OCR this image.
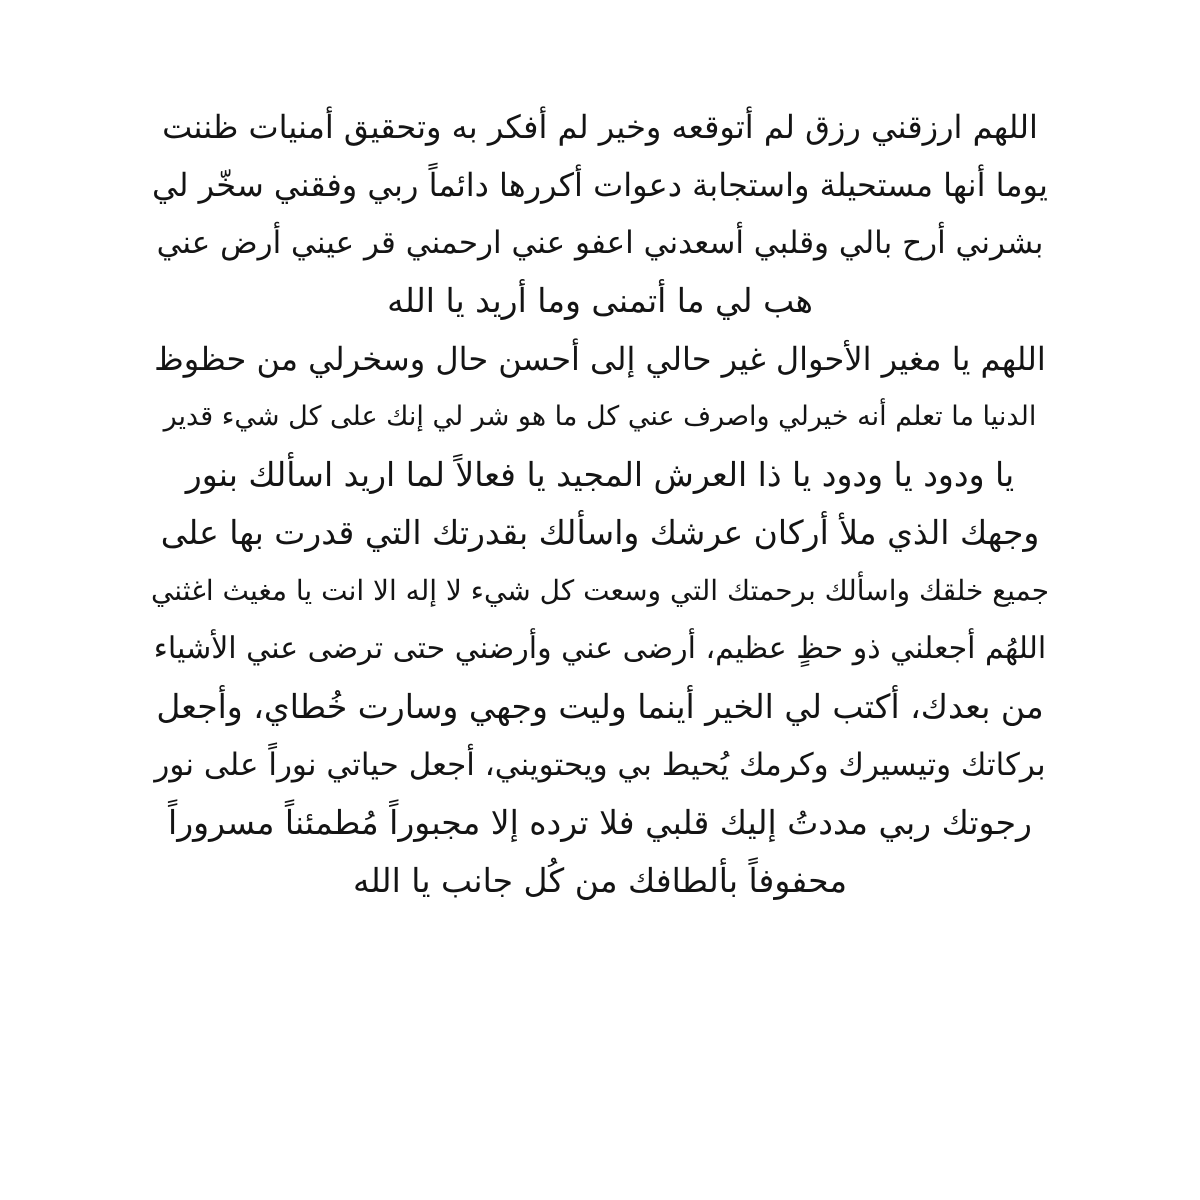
اللهم ارزقني رزق لم أتوقعه وخير لم أفكر به وتحقيق أمنيات ظننت
يوما أنها مستحيلة واستجابة دعوات أكررها دائماً ربي وفقني سخّر لي
بشرني أرح بالي وقلبي أسعدني اعفو عني ارحمني قر عيني أرض عني
هب لي ما أتمنى وما أريد يا الله
اللهم يا مغير الأحوال غير حالي إلى أحسن حال وسخرلي من حظوظ
الدنيا ما تعلم أنه خيرلي واصرف عني كل ما هو شر لي إنك على كل شيء قدير
يا ودود يا ودود يا ذا العرش المجيد يا فعالاً لما اريد اسألك بنور
وجهك الذي ملأ أركان عرشك واسألك بقدرتك التي قدرت بها على
جميع خلقك واسألك برحمتك التي وسعت كل شيء لا إله الا انت يا مغيث اغثني
اللهُم أجعلني ذو حظٍ عظيم، أرضى عني وأرضني حتى ترضى عني الأشياء
من بعدك، أكتب لي الخير أينما وليت وجهي وسارت خُطاي، وأجعل
بركاتك وتيسيرك وكرمك يُحيط بي ويحتويني، أجعل حياتي نوراً على نور
رجوتك ربي مددتُ إليك قلبي فلا ترده إلا مجبوراً مُطمئناً مسروراً
محفوفاً بألطافك من كُل جانب يا الله
